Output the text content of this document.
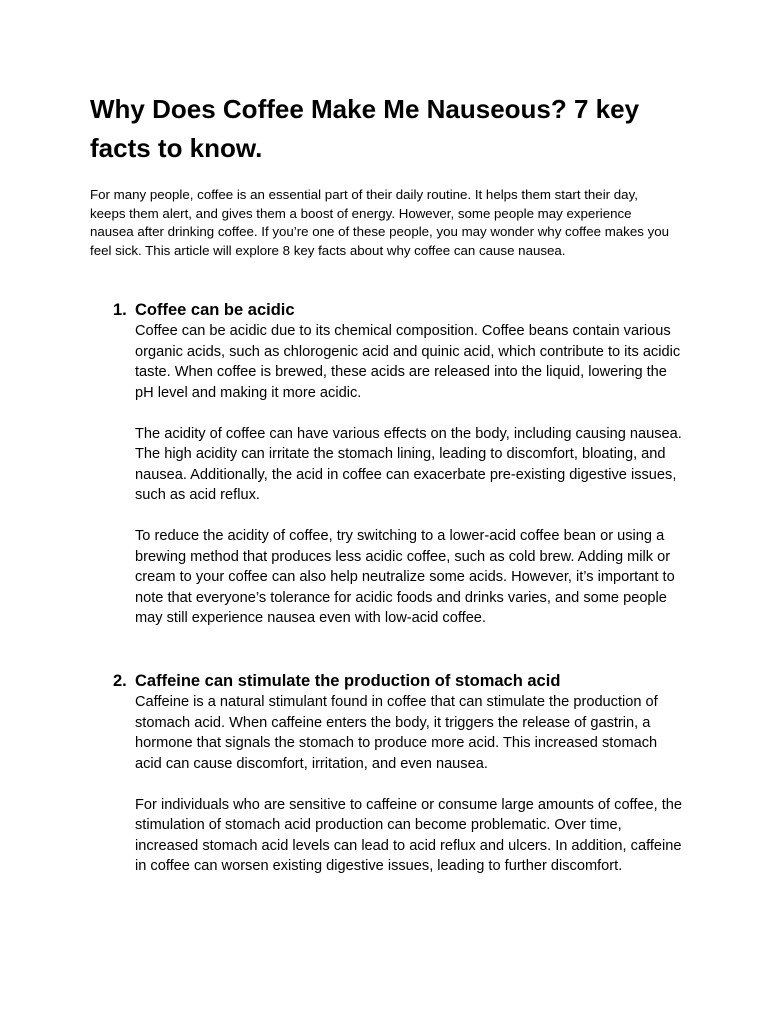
Why Does Coffee Make Me Nauseous? 7 key facts to know.

For many people, coffee is an essential part of their daily routine. It helps them start their day, keeps them alert, and gives them a boost of energy. However, some people may experience nausea after drinking coffee. If you’re one of these people, you may wonder why coffee makes you feel sick. This article will explore 8 key facts about why coffee can cause nausea.

1. Coffee can be acidic

Coffee can be acidic due to its chemical composition. Coffee beans contain various organic acids, such as chlorogenic acid and quinic acid, which contribute to its acidic taste. When coffee is brewed, these acids are released into the liquid, lowering the pH level and making it more acidic.

The acidity of coffee can have various effects on the body, including causing nausea. The high acidity can irritate the stomach lining, leading to discomfort, bloating, and nausea. Additionally, the acid in coffee can exacerbate pre-existing digestive issues, such as acid reflux.

To reduce the acidity of coffee, try switching to a lower-acid coffee bean or using a brewing method that produces less acidic coffee, such as cold brew. Adding milk or cream to your coffee can also help neutralize some acids. However, it’s important to note that everyone’s tolerance for acidic foods and drinks varies, and some people may still experience nausea even with low-acid coffee.

2. Caffeine can stimulate the production of stomach acid

Caffeine is a natural stimulant found in coffee that can stimulate the production of stomach acid. When caffeine enters the body, it triggers the release of gastrin, a hormone that signals the stomach to produce more acid. This increased stomach acid can cause discomfort, irritation, and even nausea.

For individuals who are sensitive to caffeine or consume large amounts of coffee, the stimulation of stomach acid production can become problematic. Over time, increased stomach acid levels can lead to acid reflux and ulcers. In addition, caffeine in coffee can worsen existing digestive issues, leading to further discomfort.
